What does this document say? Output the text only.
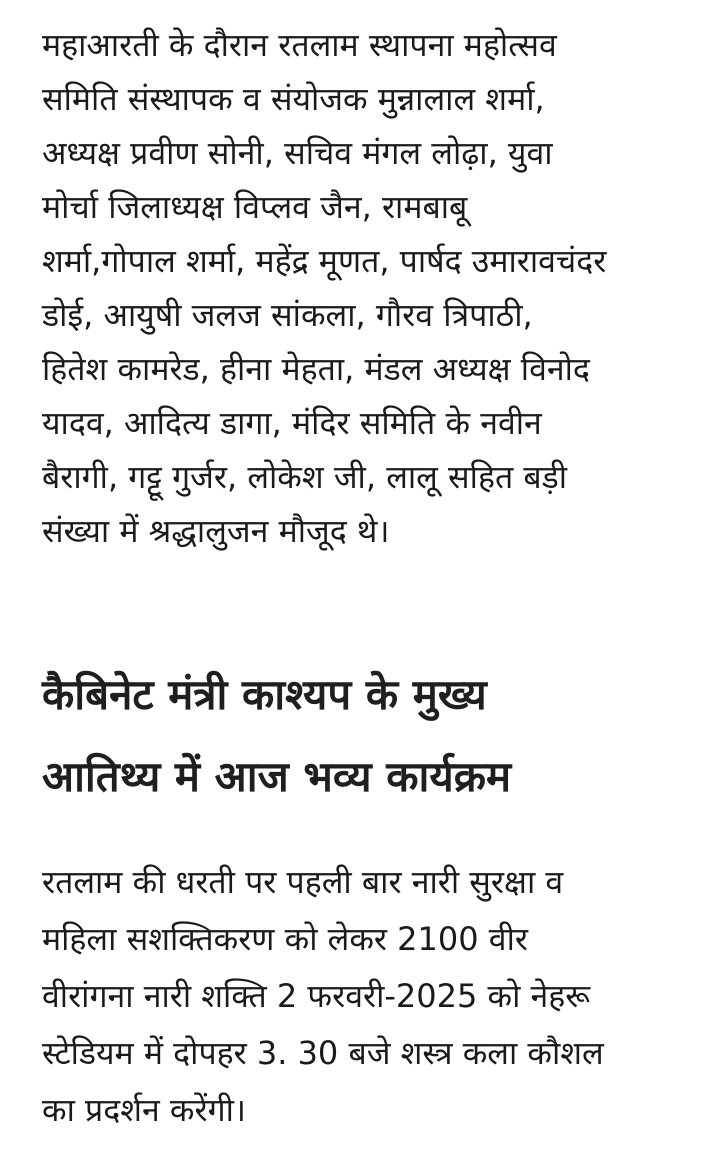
महाआरती के दौरान रतलाम स्थापना महोत्सव
समिति संस्थापक व संयोजक मुन्नालाल शर्मा,
अध्यक्ष प्रवीण सोनी, सचिव मंगल लोढ़ा, युवा
मोर्चा जिलाध्यक्ष विप्लव जैन, रामबाबू
शर्मा,गोपाल शर्मा, महेंद्र मूणत, पार्षद उमारावचंदर
डोई, आयुषी जलज सांकला, गौरव त्रिपाठी,
हितेश कामरेड, हीना मेहता, मंडल अध्यक्ष विनोद
यादव, आदित्य डागा, मंदिर समिति के नवीन
बैरागी, गट्टू गुर्जर, लोकेश जी, लालू सहित बड़ी
संख्या में श्रद्धालुजन मौजूद थे।

कैबिनेट मंत्री काश्यप के मुख्य
आतिथ्य में आज भव्य कार्यक्रम

रतलाम की धरती पर पहली बार नारी सुरक्षा व
महिला सशक्तिकरण को लेकर 2100 वीर
वीरांगना नारी शक्ति 2 फरवरी-2025 को नेहरू
स्टेडियम में दोपहर 3. 30 बजे शस्त्र कला कौशल
का प्रदर्शन करेंगी।
